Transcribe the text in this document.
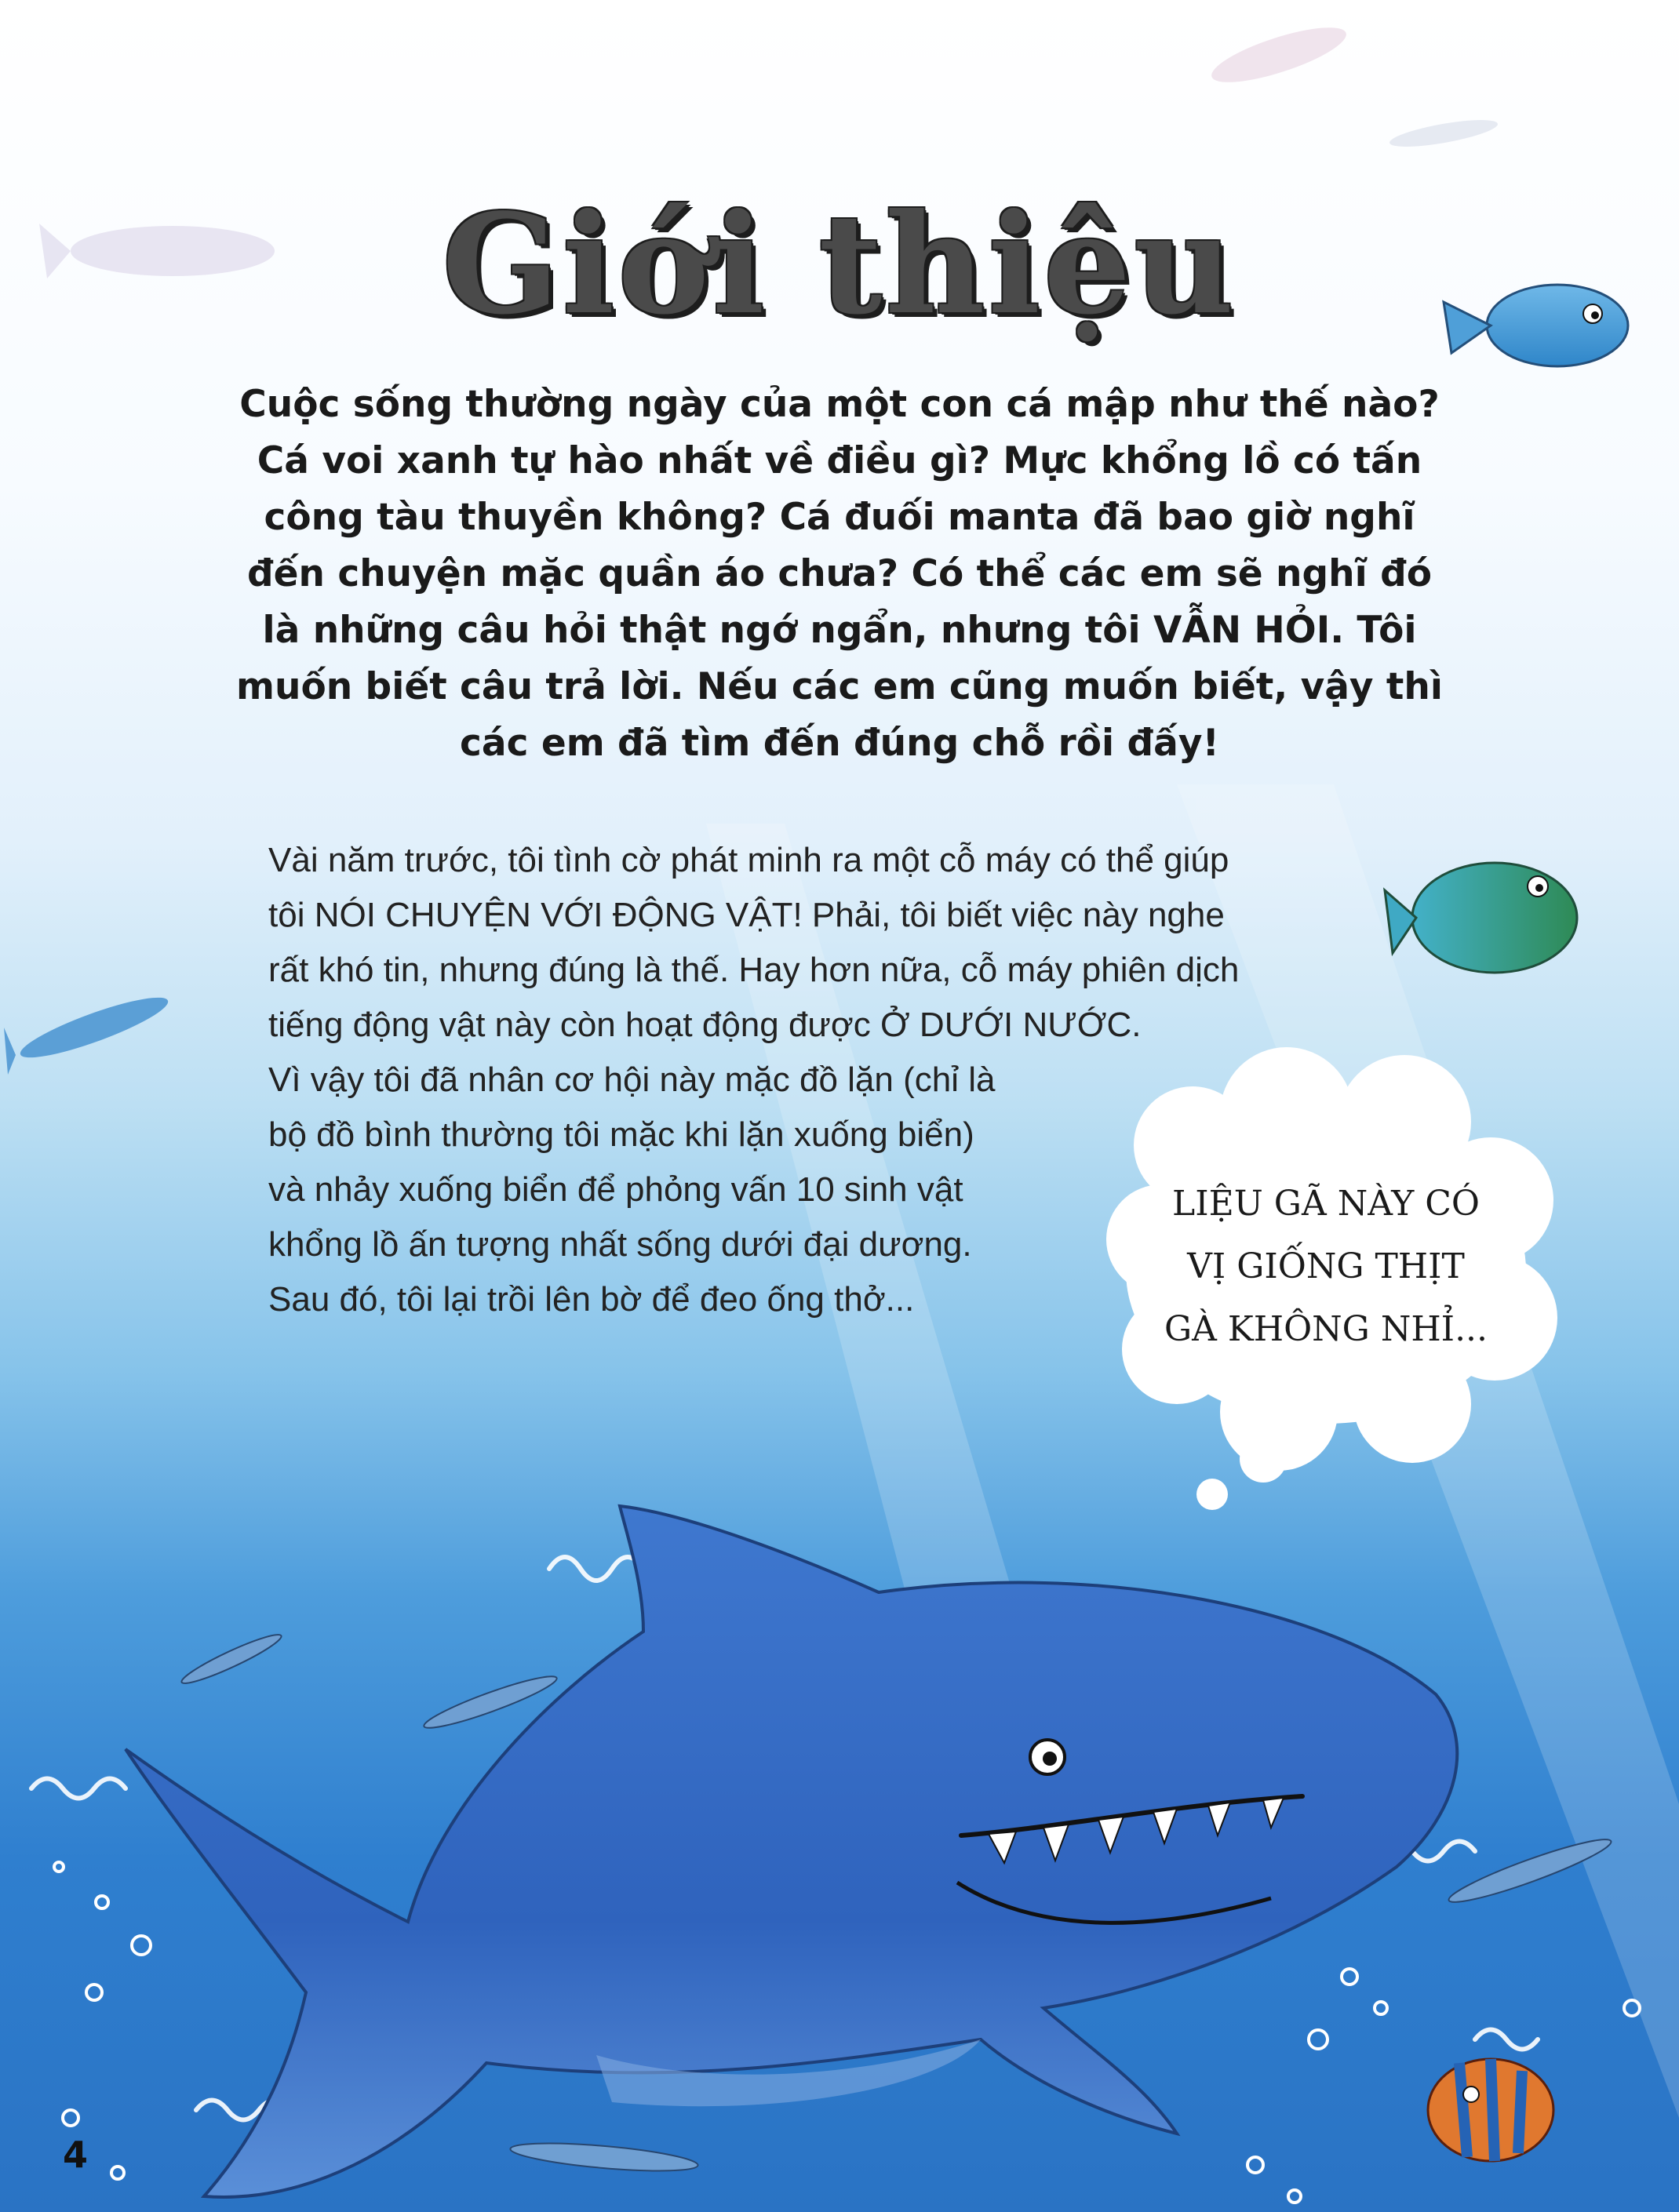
Giới thiệu
Cuộc sống thường ngày của một con cá mập như thế nào?
Cá voi xanh tự hào nhất về điều gì? Mực khổng lồ có tấn
công tàu thuyền không? Cá đuối manta đã bao giờ nghĩ
đến chuyện mặc quần áo chưa? Có thể các em sẽ nghĩ đó
là những câu hỏi thật ngớ ngẩn, nhưng tôi VẪN HỎI. Tôi
muốn biết câu trả lời. Nếu các em cũng muốn biết, vậy thì
các em đã tìm đến đúng chỗ rồi đấy!
Vài năm trước, tôi tình cờ phát minh ra một cỗ máy có thể giúp
tôi NÓI CHUYỆN VỚI ĐỘNG VẬT! Phải, tôi biết việc này nghe
rất khó tin, nhưng đúng là thế. Hay hơn nữa, cỗ máy phiên dịch
tiếng động vật này còn hoạt động được Ở DƯỚI NƯỚC.
Vì vậy tôi đã nhân cơ hội này mặc đồ lặn (chỉ là
bộ đồ bình thường tôi mặc khi lặn xuống biển)
và nhảy xuống biển để phỏng vấn 10 sinh vật
khổng lồ ấn tượng nhất sống dưới đại dương.
Sau đó, tôi lại trồi lên bờ để đeo ống thở...
LIỆU GÃ NÀY CÓ
VỊ GIỐNG THỊT
GÀ KHÔNG NHỈ...
4
